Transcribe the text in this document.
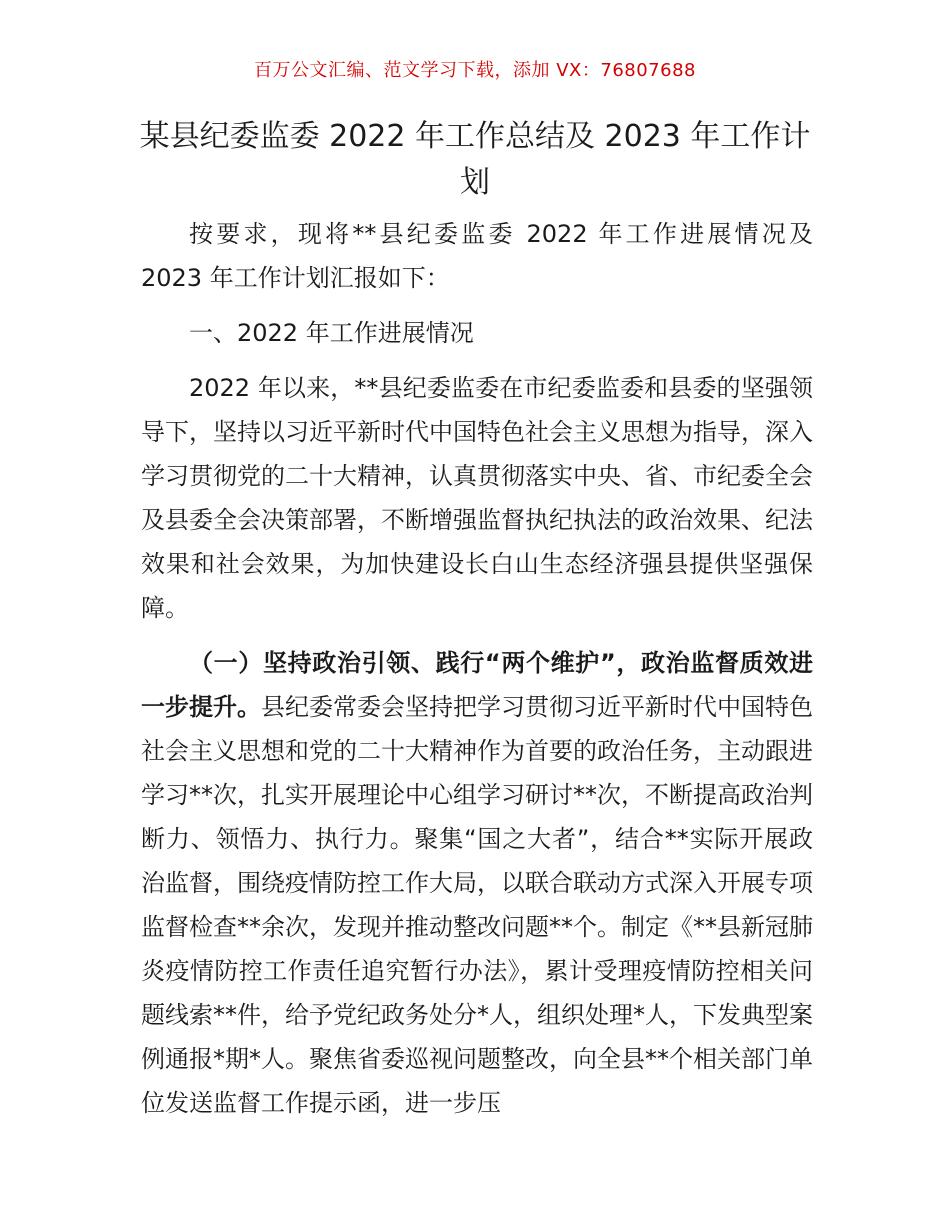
百万公文汇编、范文学习下载，添加 VX：76807688
某县纪委监委 2022 年工作总结及 2023 年工作计划

按要求，现将**县纪委监委 2022 年工作进展情况及 2023 年工作计划汇报如下：

一、2022 年工作进展情况

2022 年以来，**县纪委监委在市纪委监委和县委的坚强领导下，坚持以习近平新时代中国特色社会主义思想为指导，深入学习贯彻党的二十大精神，认真贯彻落实中央、省、市纪委全会及县委全会决策部署，不断增强监督执纪执法的政治效果、纪法效果和社会效果，为加快建设长白山生态经济强县提供坚强保障。

（一）坚持政治引领、践行“两个维护”，政治监督质效进一步提升。县纪委常委会坚持把学习贯彻习近平新时代中国特色社会主义思想和党的二十大精神作为首要的政治任务，主动跟进学习**次，扎实开展理论中心组学习研讨**次，不断提高政治判断力、领悟力、执行力。聚集“国之大者”，结合**实际开展政治监督，围绕疫情防控工作大局，以联合联动方式深入开展专项监督检查**余次，发现并推动整改问题**个。制定《**县新冠肺炎疫情防控工作责任追究暂行办法》，累计受理疫情防控相关问题线索**件，给予党纪政务处分*人，组织处理*人，下发典型案例通报*期*人。聚焦省委巡视问题整改，向全县**个相关部门单位发送监督工作提示函，进一步压
